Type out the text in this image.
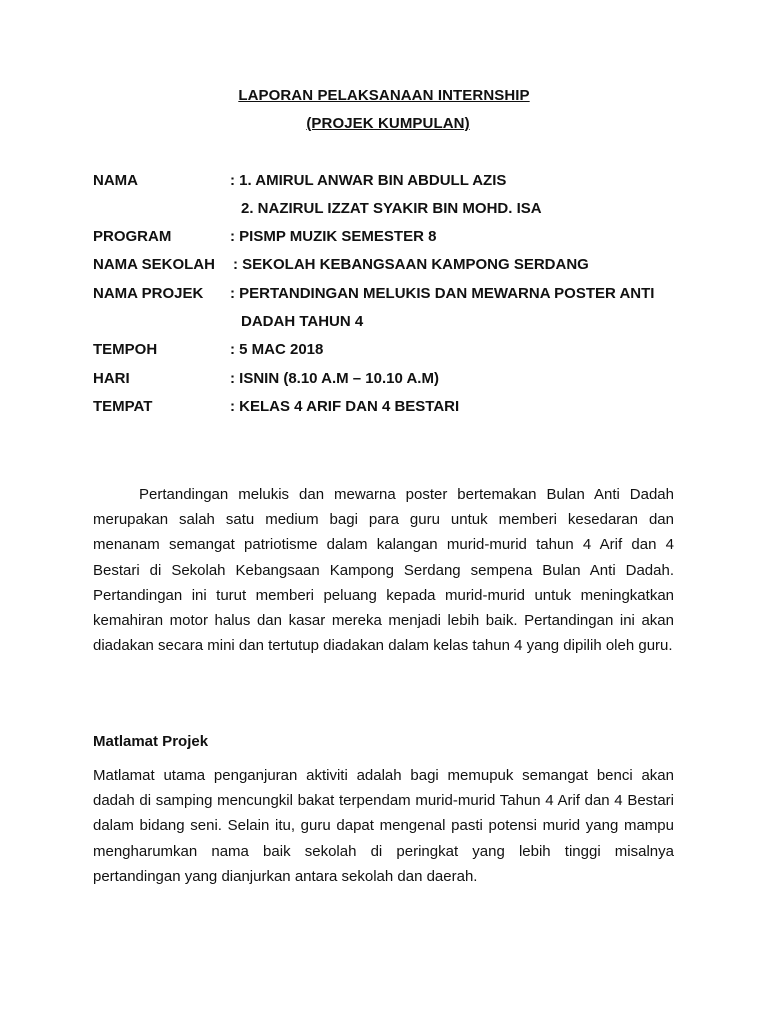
LAPORAN PELAKSANAAN INTERNSHIP
(PROJEK KUMPULAN)
NAMA	: 1. AMIRUL ANWAR BIN ABDULL AZIS
2. NAZIRUL IZZAT SYAKIR BIN MOHD. ISA
PROGRAM	: PISMP MUZIK SEMESTER 8
NAMA SEKOLAH : SEKOLAH KEBANGSAAN KAMPONG SERDANG
NAMA PROJEK : PERTANDINGAN MELUKIS DAN MEWARNA POSTER ANTI
DADAH TAHUN 4
TEMPOH	: 5 MAC 2018
HARI	: ISNIN (8.10 A.M – 10.10 A.M)
TEMPAT	: KELAS 4 ARIF DAN 4 BESTARI
Pertandingan melukis dan mewarna poster bertemakan Bulan Anti Dadah merupakan salah satu medium bagi para guru untuk memberi kesedaran dan menanam semangat patriotisme dalam kalangan murid-murid tahun 4 Arif dan 4 Bestari di Sekolah Kebangsaan Kampong Serdang sempena Bulan Anti Dadah. Pertandingan ini turut memberi peluang kepada murid-murid untuk meningkatkan kemahiran motor halus dan kasar mereka menjadi lebih baik. Pertandingan ini akan diadakan secara mini dan tertutup diadakan dalam kelas tahun 4 yang dipilih oleh guru.
Matlamat Projek
Matlamat utama penganjuran aktiviti adalah bagi memupuk semangat benci akan dadah di samping mencungkil bakat terpendam murid-murid Tahun 4 Arif dan 4 Bestari dalam bidang seni. Selain itu, guru dapat mengenal pasti potensi murid yang mampu mengharumkan nama baik sekolah di peringkat yang lebih tinggi misalnya pertandingan yang dianjurkan antara sekolah dan daerah.
